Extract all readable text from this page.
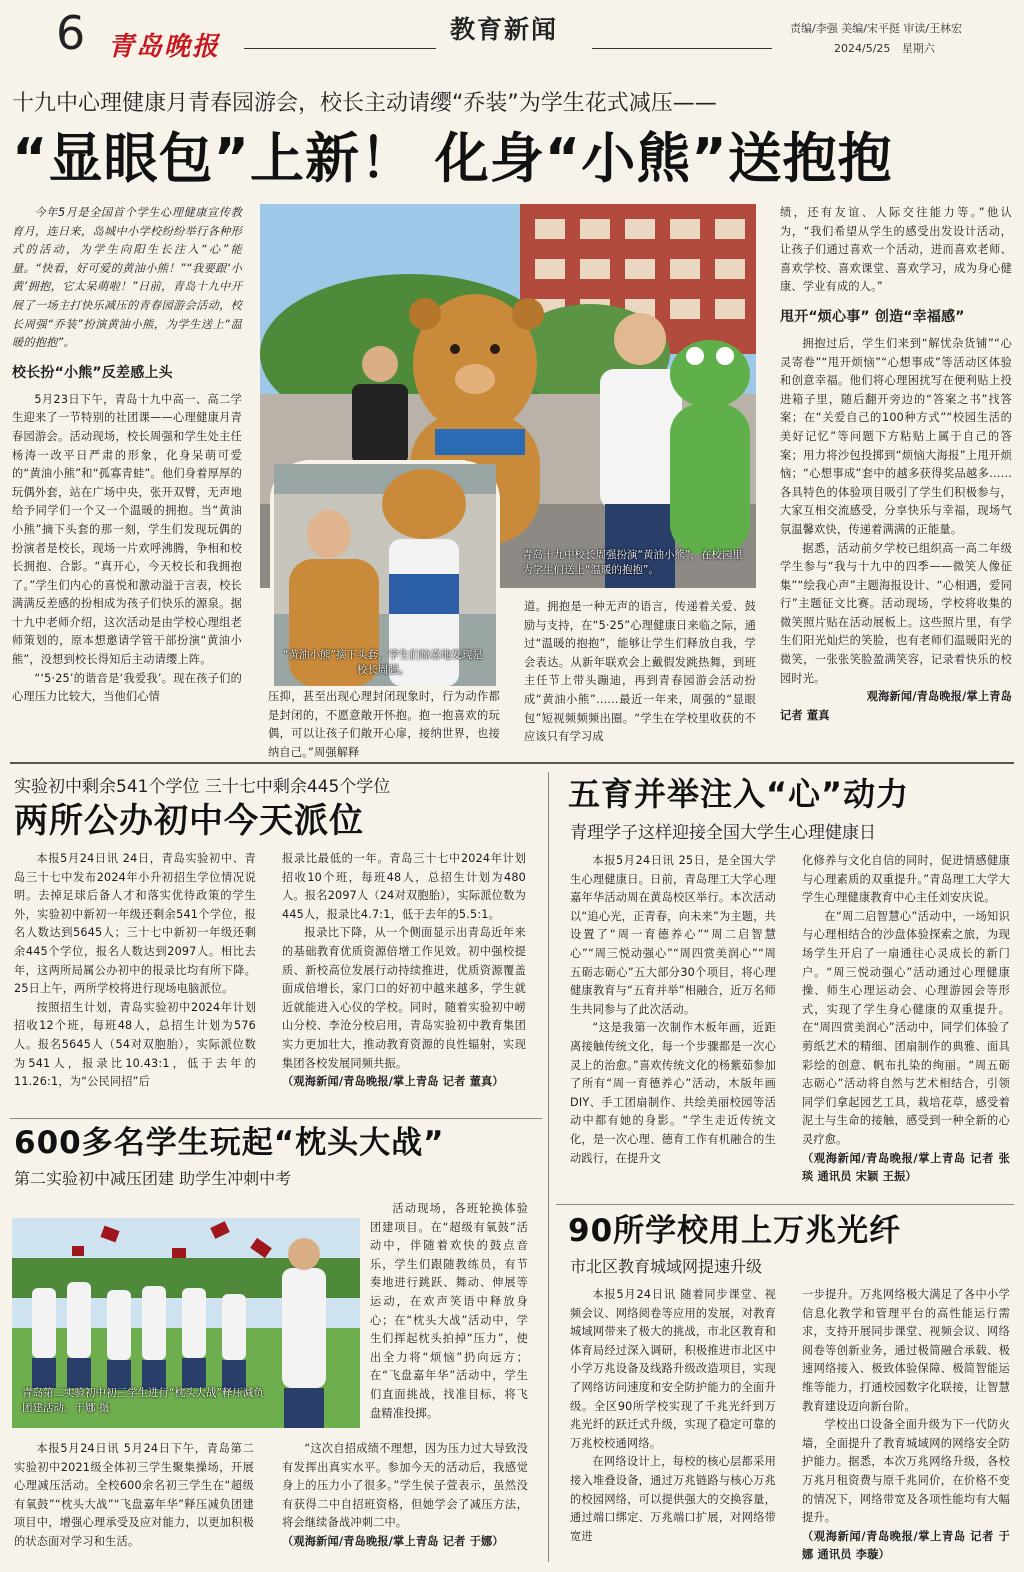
6 青岛晚报
教育新闻	责编/李强 美编/宋平挺 审读/王林宏
2024/5/25 星期六
十九中心理健康月青春园游会，校长主动请缨“乔装”为学生花式减压——
“显眼包”上新！ 化身“小熊”送抱抱

今年5月是全国首个学生心理健康宣传教育月，连日来，岛城中小学校纷纷举行各种形式的活动，为学生向阳生长注入“心”能量。“快看，好可爱的黄油小熊！”“我要跟‘小黄’拥抱，它太呆萌啦！”日前，青岛十九中开展了一场主打快乐减压的青春园游会活动，校长周强“乔装”扮演黄油小熊，为学生送上“温暖的抱抱”。

校长扮“小熊”反差感上头

5月23日下午，青岛十九中高一、高二学生迎来了一节特别的社团课——心理健康月青春园游会。活动现场，校长周强和学生处主任杨涛一改平日严肃的形象，化身呆萌可爱的“黄油小熊”和“孤寡青蛙”。他们身着厚厚的玩偶外套，站在广场中央，张开双臂，无声地给予同学们一个又一个温暖的拥抱。当“黄油小熊”摘下头套的那一刻，学生们发现玩偶的扮演者是校长，现场一片欢呼沸腾，争相和校长拥抱、合影。“真开心，今天校长和我拥抱了。”学生们内心的喜悦和激动溢于言表，校长满满反差感的扮相成为孩子们快乐的源泉。据十九中老师介绍，这次活动是由学校心理组老师策划的，原本想邀请学管干部扮演“黄油小熊”，没想到校长得知后主动请缨上阵。

“‘5·25’的谐音是‘我爱我’。现在孩子们的心理压力比较大，当他们心情

青岛十九中校长周强扮演“黄油小熊”，在校园里为学生们送上“温暖的抱抱”。
“黄油小熊”摘下头套，学生们惊喜地发现是校长周强。

压抑，甚至出现心理封闭现象时，行为动作都是封闭的，不愿意敞开怀抱。抱一抱喜欢的玩偶，可以让孩子们敞开心扉，接纳世界，也接纳自己。”周强解释

道。拥抱是一种无声的语言，传递着关爱、鼓励与支持，在“5·25”心理健康日来临之际，通过“温暖的抱抱”，能够让学生们释放自我，学会表达。从新年联欢会上戴假发跳热舞，到班主任节上带头蹦迪，再到青春园游会活动扮成“黄油小熊”……最近一年来，周强的“显眼包”短视频频频出圈。“学生在学校里收获的不应该只有学习成

绩，还有友谊、人际交往能力等。”他认为，“我们希望从学生的感受出发设计活动，让孩子们通过喜欢一个活动，进而喜欢老师、喜欢学校、喜欢课堂、喜欢学习，成为身心健康、学业有成的人。”

甩开“烦心事” 创造“幸福感”

拥抱过后，学生们来到“解忧杂货铺”“心灵寄卷”“甩开烦恼”“心想事成”等活动区体验和创意幸福。他们将心理困扰写在便利贴上投进箱子里，随后翻开旁边的“答案之书”找答案；在“关爱自己的100种方式”“校园生活的美好记忆”等问题下方粘贴上属于自己的答案；用力将沙包投掷到“烦恼大海报”上甩开烦恼；“心想事成”套中的越多获得奖品越多……各具特色的体验项目吸引了学生们积极参与，大家互相交流感受，分享快乐与幸福，现场气氛温馨欢快，传递着满满的正能量。

据悉，活动前夕学校已组织高一高二年级学生参与“我与十九中的四季——微笑人像征集”“绘我心声”主题海报设计、“心相遇，爱同行”主题征文比赛。活动现场，学校将收集的微笑照片贴在活动展板上。这些照片里，有学生们阳光灿烂的笑脸，也有老师们温暖阳光的微笑，一张张笑脸盈满笑容，记录着快乐的校园时光。

观海新闻/青岛晚报/掌上青岛
记者 董真
实验初中剩余541个学位 三十七中剩余445个学位
两所公办初中今天派位

本报5月24日讯 24日，青岛实验初中、青岛三十七中发布2024年小升初招生学位情况说明。去掉足球后备人才和落实优待政策的学生外，实验初中新初一年级还剩余541个学位，报名人数达到5645人；三十七中新初一年级还剩余445个学位，报名人数达到2097人。相比去年，这两所局属公办初中的报录比均有所下降。25日上午，两所学校将进行现场电脑派位。

按照招生计划，青岛实验初中2024年计划招收12个班，每班48人，总招生计划为576人。报名5645人（54对双胞胎），实际派位数为541人，报录比10.43:1，低于去年的11.26:1，为“公民同招”后

报录比最低的一年。青岛三十七中2024年计划招收10个班，每班48人，总招生计划为480人。报名2097人（24对双胞胎），实际派位数为445人，报录比4.7:1，低于去年的5.5:1。

报录比下降，从一个侧面显示出青岛近年来的基础教育优质资源倍增工作见效。初中强校提质、新校高位发展行动持续推进，优质资源覆盖面成倍增长，家门口的好初中越来越多，学生就近就能进入心仪的学校。同时，随着实验初中崂山分校、李沧分校启用，青岛实验初中教育集团实力更加壮大，推动教育资源的良性辐射，实现集团各校发展同频共振。

（观海新闻/青岛晚报/掌上青岛 记者 董真）
五育并举注入“心”动力
青理学子这样迎接全国大学生心理健康日

本报5月24日讯 25日，是全国大学生心理健康日。日前，青岛理工大学心理嘉年华活动周在黄岛校区举行。本次活动以“追心光，正青春，向未来”为主题，共设置了“周一育德养心”“周二启智慧心”“周三悦动强心”“周四赏美润心”“周五砺志砺心”五大部分30个项目，将心理健康教育与“五育并举”相融合，近万名师生共同参与了此次活动。

“这是我第一次制作木板年画，近距离接触传统文化，每一个步骤都是一次心灵上的治愈。”喜欢传统文化的杨紫茹参加了所有“周一育德养心”活动，木版年画DIY、手工团扇制作、共绘美丽校园等活动中都有她的身影。“学生走近传统文化，是一次心理、德育工作有机融合的生动践行，在提升文

化修养与文化自信的同时，促进情感健康与心理素质的双重提升。”青岛理工大学大学生心理健康教育中心主任刘安庆说。

在“周二启智慧心”活动中，一场知识与心理相结合的沙盘体验探索之旅，为现场学生开启了一扇通往心灵成长的新门户。“周三悦动强心”活动通过心理健康操、师生心理运动会、心理游园会等形式，实现了学生身心健康的双重提升。在“周四赏美润心”活动中，同学们体验了剪纸艺术的精细、团扇制作的典雅、面具彩绘的创意、帆布扎染的绚丽。“周五砺志砺心”活动将自然与艺术相结合，引领同学们拿起园艺工具，栽培花草，感受着泥土与生命的接触，感受到一种全新的心灵疗愈。

（观海新闻/青岛晚报/掌上青岛 记者 张琰 通讯员 宋颖 王振）
600多名学生玩起“枕头大战”
第二实验初中减压团建 助学生冲刺中考
青岛第二实验初中初三学生进行“枕头大战”释压减负团建活动。于娜 摄

活动现场，各班轮换体验团建项目。在“超级有氧鼓”活动中，伴随着欢快的鼓点音乐，学生们跟随教练员，有节奏地进行跳跃、舞动、伸展等运动，在欢声笑语中释放身心；在“枕头大战”活动中，学生们挥起枕头拍掉“压力”，使出全力将“烦恼”扔向远方；在“飞盘嘉年华”活动中，学生们直面挑战，找准目标，将飞盘精准投掷。

本报5月24日讯 5月24日下午，青岛第二实验初中2021级全体初三学生聚集操场，开展心理减压活动。全校600余名初三学生在“超级有氧鼓”“枕头大战”“飞盘嘉年华”释压减负团建项目中，增强心理承受及应对能力，以更加积极的状态面对学习和生活。

“这次自招成绩不理想，因为压力过大导致没有发挥出真实水平。参加今天的活动后，我感觉身上的压力小了很多。”学生侯子萱表示，虽然没有获得二中自招班资格，但她学会了减压方法，将会继续备战冲刺二中。

（观海新闻/青岛晚报/掌上青岛 记者 于娜）
90所学校用上万兆光纤
市北区教育城域网提速升级

本报5月24日讯 随着同步课堂、视频会议、网络阅卷等应用的发展，对教育城域网带来了极大的挑战，市北区教育和体育局经过深入调研，积极推进市北区中小学万兆设备及线路升级改造项目，实现了网络访问速度和安全防护能力的全面升级。全区90所学校实现了千兆光纤到万兆光纤的跃迁式升级，实现了稳定可靠的万兆校校通网络。

在网络设计上，每校的核心层都采用接入堆叠设备，通过万兆链路与核心万兆的校园网络，可以提供强大的交换容量，通过端口绑定、万兆端口扩展，对网络带宽进

一步提升。万兆网络极大满足了各中小学信息化教学和管理平台的高性能运行需求，支持开展同步课堂、视频会议、网络阅卷等创新业务，通过极简融合承载、极速网络接入、极致体验保障、极简智能运维等能力，打通校园数字化联接，让智慧教育建设迈向新台阶。

学校出口设备全面升级为下一代防火墙，全面提升了教育城域网的网络安全防护能力。据悉，本次万兆网络升级，各校万兆月租资费与原千兆同价，在价格不变的情况下，网络带宽及各项性能均有大幅提升。

（观海新闻/青岛晚报/掌上青岛 记者 于娜 通讯员 李璇）
